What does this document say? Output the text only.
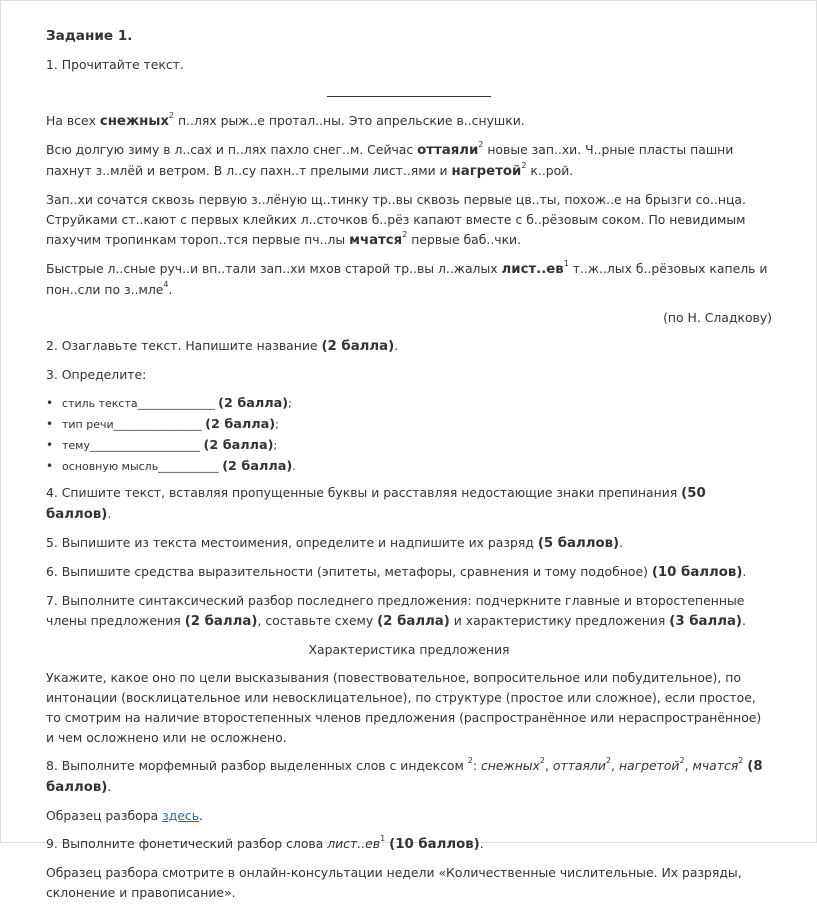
Задание 1.

1. Прочитайте текст.

На всех снежных$^2$ п..лях рыж..е протал..ны. Это апрельские в..снушки.

Всю долгую зиму в л..сах и п..лях пахло снег..м. Сейчас оттаяли$^2$ новые зап..хи. Ч..рные пласты пашни пахнут з..млёй и ветром. В л..су пахн..т прелыми лист..ями и нагретой$^2$ к..рой.

Зап..хи сочатся сквозь первую з..лёную щ..тинку тр..вы сквозь первые цв..ты, похож..е на брызги со..нца. Струйками ст..кают с первых клейких л..сточков б..рёз капают вместе с б..рёзовым соком. По невидимым пахучим тропинкам тороп..тся первые пч..лы мчатся$^2$ первые баб..чки.

Быстрые л..сные руч..и вп..тали зап..хи мхов старой тр..вы л..жалых $лист..ев^1$ т..ж..лых б..рёзовых капель и пон..сли по з..мле$^4$.

(по Н. Сладкову)

2. Озаглавьте текст. Напишите название (2 балла).

3. Определите:

• стиль текста______________ (2 балла);
• тип речи________________ (2 балла);
• тему____________________ (2 балла);
• основную мысль___________ (2 балла).

4. Спишите текст, вставляя пропущенные буквы и расставляя недостающие знаки препинания (50 баллов).

5. Выпишите из текста местоимения, определите и надпишите их разряд (5 баллов).

6. Выпишите средства выразительности (эпитеты, метафоры, сравнения и тому подобное) (10 баллов).

7. Выполните синтаксический разбор последнего предложения: подчеркните главные и второстепенные члены предложения (2 балла), составьте схему (2 балла) и характеристику предложения (3 балла).

Характеристика предложения

Укажите, какое оно по цели высказывания (повествовательное, вопросительное или побудительное), по интонации (восклицательное или невосклицательное), по структуре (простое или сложное), если простое, то смотрим на наличие второстепенных членов предложения (распространённое или нераспространённое) и чем осложнено или не осложнено.

8. Выполните морфемный разбор выделенных слов с индексом $^2$: снежных$^2$, оттаяли$^2$, нагретой$^2$, мчатся$^2$ (8 баллов).

Образец разбора здесь.

9. Выполните фонетический разбор слова $лист..ев^1$ (10 баллов).

Образец разбора смотрите в онлайн-консультации недели «Количественные числительные. Их разряды, склонение и правописание».
